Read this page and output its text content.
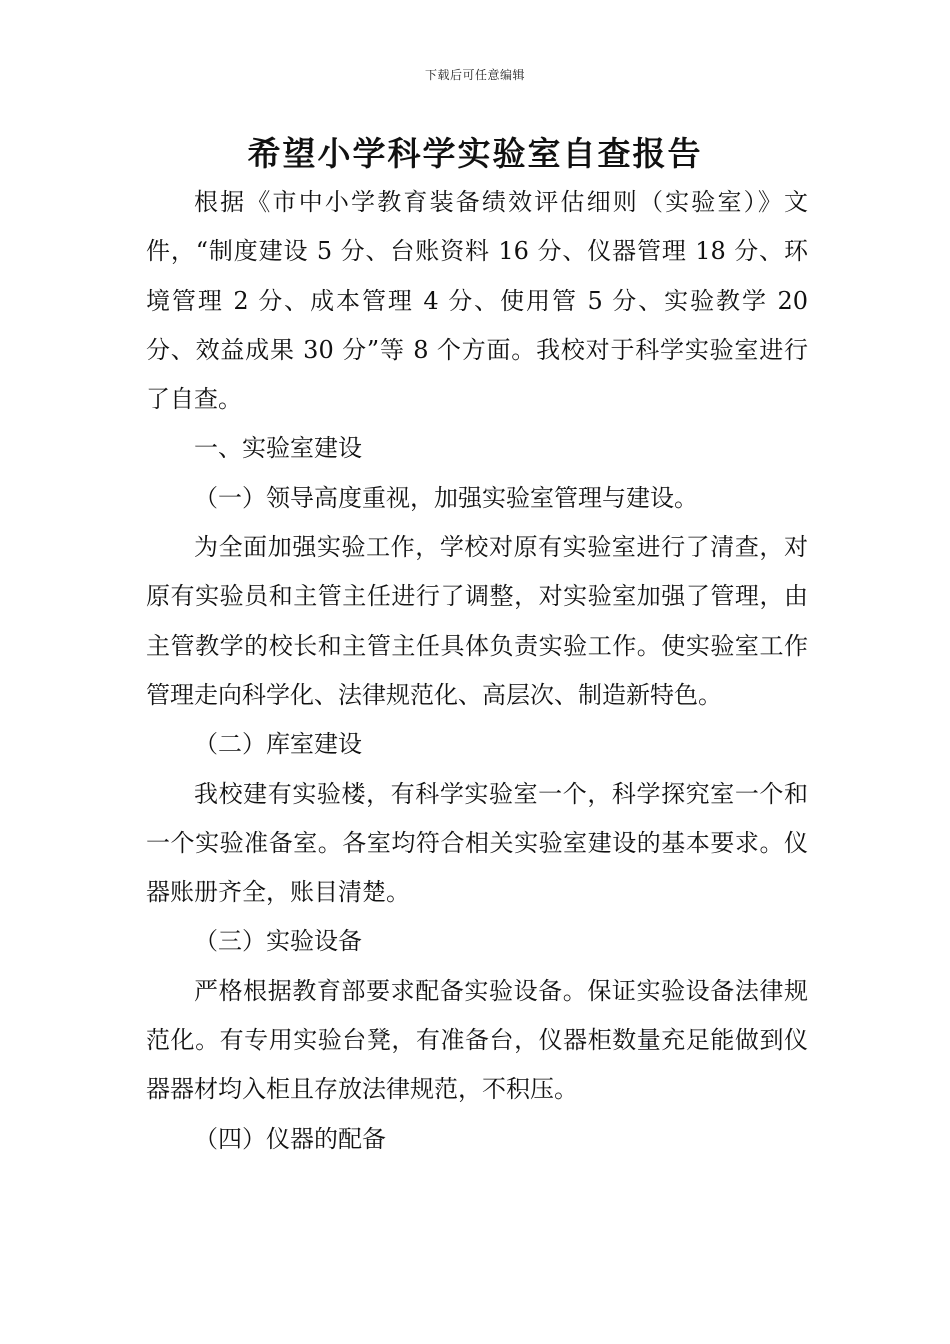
下载后可任意编辑
希望小学科学实验室自查报告

根据《市中小学教育装备绩效评估细则（实验室）》文件，“制度建设 5 分、台账资料 16 分、仪器管理 18 分、环境管理 2 分、成本管理 4 分、使用管 5 分、实验教学 20 分、效益成果 30 分”等 8 个方面。我校对于科学实验室进行了自查。

一、实验室建设

（一）领导高度重视，加强实验室管理与建设。

为全面加强实验工作，学校对原有实验室进行了清查，对原有实验员和主管主任进行了调整，对实验室加强了管理，由主管教学的校长和主管主任具体负责实验工作。使实验室工作管理走向科学化、法律规范化、高层次、制造新特色。

（二）库室建设

我校建有实验楼，有科学实验室一个，科学探究室一个和一个实验准备室。各室均符合相关实验室建设的基本要求。仪器账册齐全，账目清楚。

（三）实验设备

严格根据教育部要求配备实验设备。保证实验设备法律规范化。有专用实验台凳，有准备台，仪器柜数量充足能做到仪器器材均入柜且存放法律规范，不积压。

（四）仪器的配备
